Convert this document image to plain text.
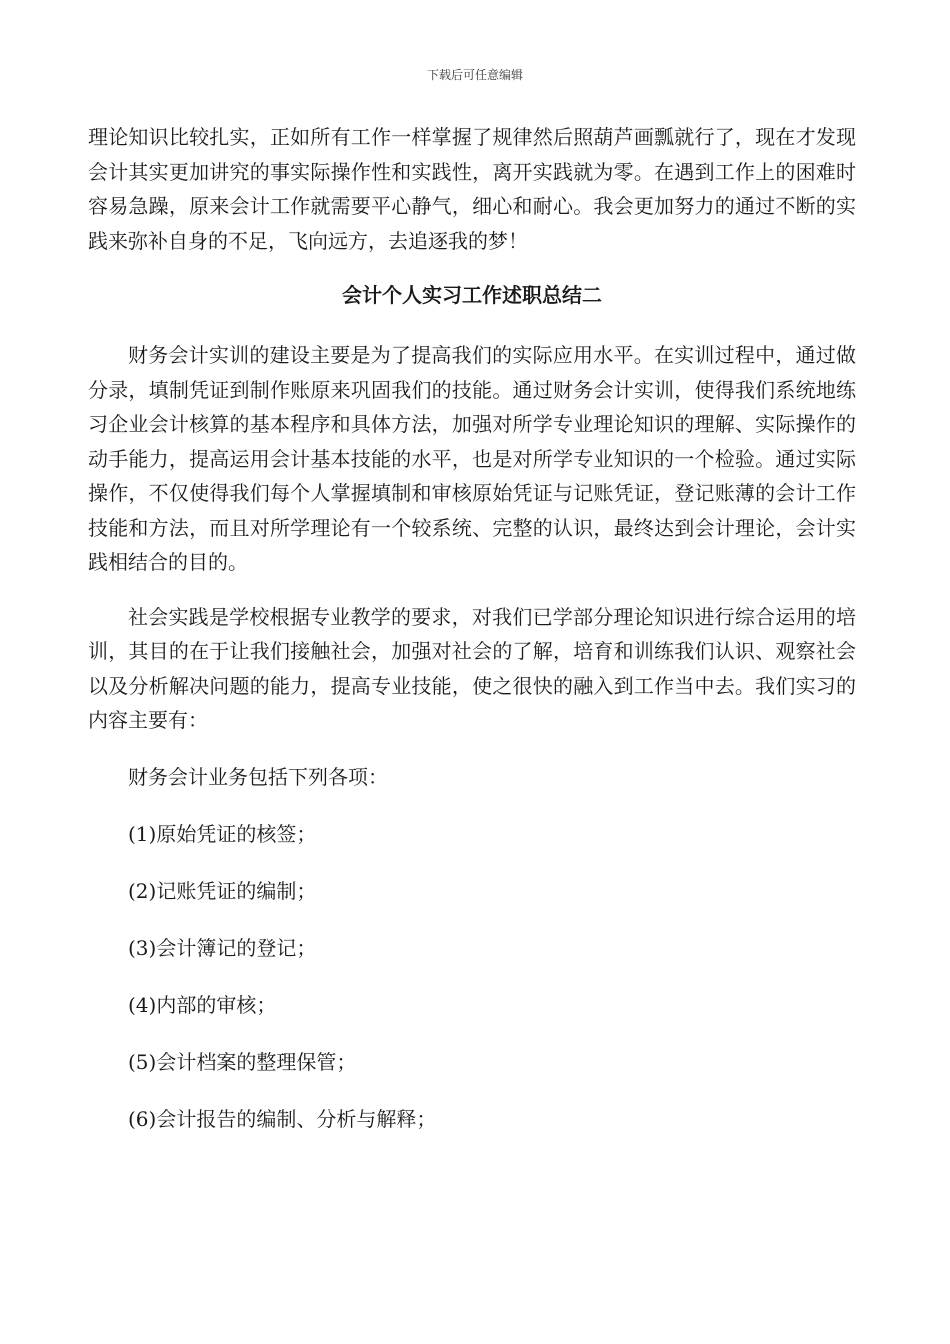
下载后可任意编辑

理论知识比较扎实，正如所有工作一样掌握了规律然后照葫芦画瓢就行了，现在才发现会计其实更加讲究的事实际操作性和实践性，离开实践就为零。在遇到工作上的困难时容易急躁，原来会计工作就需要平心静气，细心和耐心。我会更加努力的通过不断的实践来弥补自身的不足，飞向远方，去追逐我的梦！

会计个人实习工作述职总结二

财务会计实训的建设主要是为了提高我们的实际应用水平。在实训过程中，通过做分录，填制凭证到制作账原来巩固我们的技能。通过财务会计实训，使得我们系统地练习企业会计核算的基本程序和具体方法，加强对所学专业理论知识的理解、实际操作的动手能力，提高运用会计基本技能的水平，也是对所学专业知识的一个检验。通过实际操作，不仅使得我们每个人掌握填制和审核原始凭证与记账凭证，登记账薄的会计工作技能和方法，而且对所学理论有一个较系统、完整的认识，最终达到会计理论，会计实践相结合的目的。

社会实践是学校根据专业教学的要求，对我们已学部分理论知识进行综合运用的培训，其目的在于让我们接触社会，加强对社会的了解，培育和训练我们认识、观察社会以及分析解决问题的能力，提高专业技能，使之很快的融入到工作当中去。我们实习的内容主要有：

财务会计业务包括下列各项：

(1)原始凭证的核签；

(2)记账凭证的编制；

(3)会计簿记的登记；

(4)内部的审核；

(5)会计档案的整理保管；

(6)会计报告的编制、分析与解释；
